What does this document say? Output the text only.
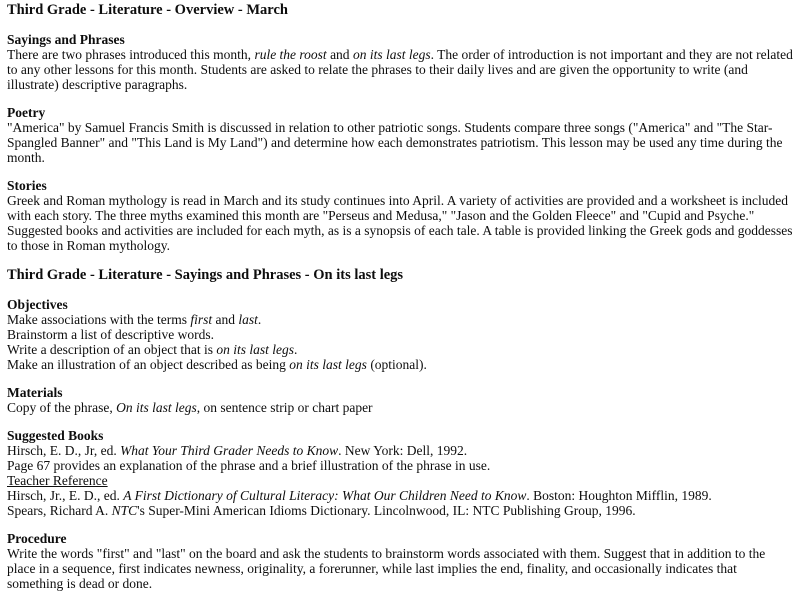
Third Grade - Literature - Overview - March
Sayings and Phrases
There are two phrases introduced this month, rule the roost and on its last legs. The order of introduction is not important and they are not related to any other lessons for this month. Students are asked to relate the phrases to their daily lives and are given the opportunity to write (and illustrate) descriptive paragraphs.
Poetry
"America" by Samuel Francis Smith is discussed in relation to other patriotic songs. Students compare three songs ("America" and "The Star-Spangled Banner" and "This Land is My Land") and determine how each demonstrates patriotism. This lesson may be used any time during the month.
Stories
Greek and Roman mythology is read in March and its study continues into April. A variety of activities are provided and a worksheet is included with each story. The three myths examined this month are "Perseus and Medusa," "Jason and the Golden Fleece" and "Cupid and Psyche."
Suggested books and activities are included for each myth, as is a synopsis of each tale. A table is provided linking the Greek gods and goddesses to those in Roman mythology.
Third Grade - Literature - Sayings and Phrases - On its last legs
Objectives
Make associations with the terms first and last.
Brainstorm a list of descriptive words.
Write a description of an object that is on its last legs.
Make an illustration of an object described as being on its last legs (optional).
Materials
Copy of the phrase, On its last legs, on sentence strip or chart paper
Suggested Books
Hirsch, E. D., Jr, ed. What Your Third Grader Needs to Know. New York: Dell, 1992.
Page 67 provides an explanation of the phrase and a brief illustration of the phrase in use.
Teacher Reference
Hirsch, Jr., E. D., ed. A First Dictionary of Cultural Literacy: What Our Children Need to Know. Boston: Houghton Mifflin, 1989.
Spears, Richard A. NTC's Super-Mini American Idioms Dictionary. Lincolnwood, IL: NTC Publishing Group, 1996.
Procedure
Write the words "first" and "last" on the board and ask the students to brainstorm words associated with them. Suggest that in addition to the place in a sequence, first indicates newness, originality, a forerunner, while last implies the end, finality, and occasionally indicates that something is dead or done.
